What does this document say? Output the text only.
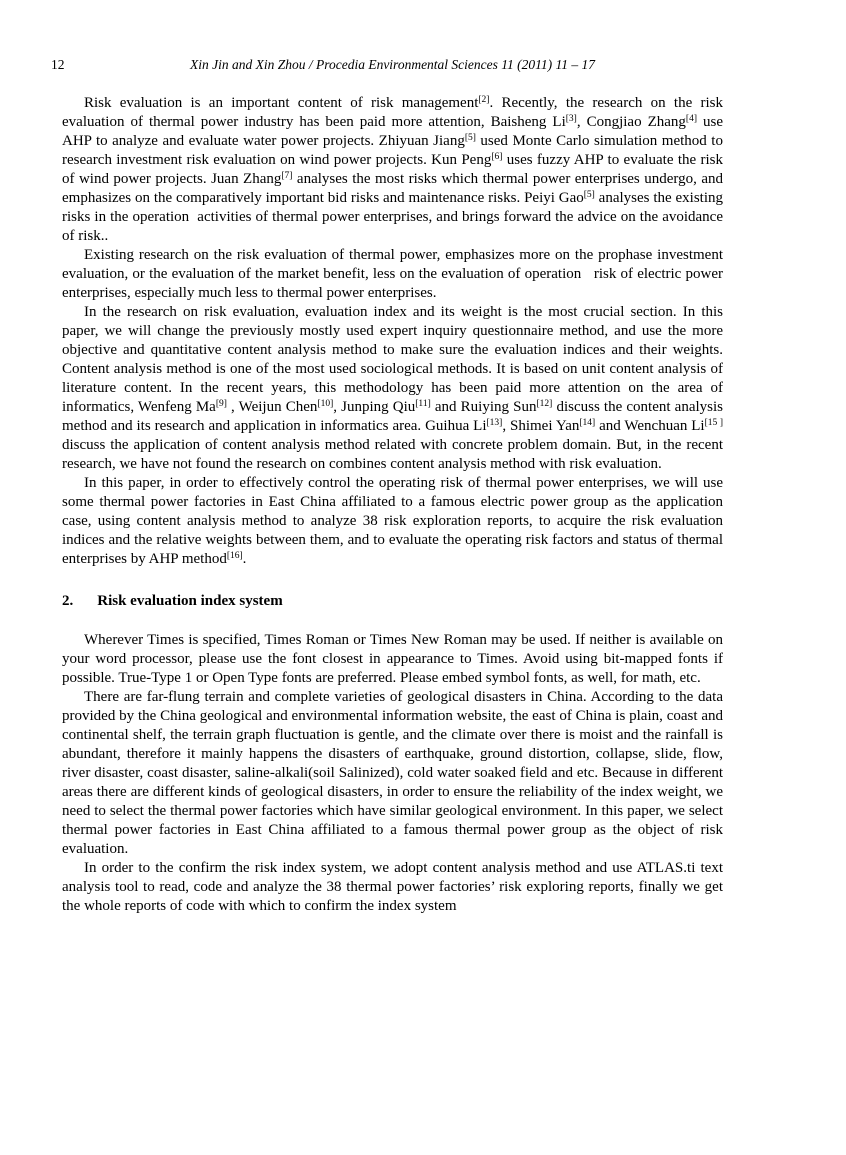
12	Xin Jin and Xin Zhou / Procedia Environmental Sciences 11 (2011) 11 – 17

Risk evaluation is an important content of risk management[2]. Recently, the research on the risk evaluation of thermal power industry has been paid more attention, Baisheng Li[3], Congjiao Zhang[4] use AHP to analyze and evaluate water power projects. Zhiyuan Jiang[5] used Monte Carlo simulation method to research investment risk evaluation on wind power projects. Kun Peng[6] uses fuzzy AHP to evaluate the risk of wind power projects. Juan Zhang[7] analyses the most risks which thermal power enterprises undergo, and emphasizes on the comparatively important bid risks and maintenance risks. Peiyi Gao[5] analyses the existing risks in the operation  activities of thermal power enterprises, and brings forward the advice on the avoidance of risk..

Existing research on the risk evaluation of thermal power, emphasizes more on the prophase investment evaluation, or the evaluation of the market benefit, less on the evaluation of operation   risk of electric power enterprises, especially much less to thermal power enterprises.

In the research on risk evaluation, evaluation index and its weight is the most crucial section. In this paper, we will change the previously mostly used expert inquiry questionnaire method, and use the more objective and quantitative content analysis method to make sure the evaluation indices and their weights. Content analysis method is one of the most used sociological methods. It is based on unit content analysis of literature content. In the recent years, this methodology has been paid more attention on the area of informatics, Wenfeng Ma[9] , Weijun Chen[10], Junping Qiu[11] and Ruiying Sun[12] discuss the content analysis method and its research and application in informatics area. Guihua Li[13], Shimei Yan[14] and Wenchuan Li[15 ] discuss the application of content analysis method related with concrete problem domain. But, in the recent research, we have not found the research on combines content analysis method with risk evaluation.

In this paper, in order to effectively control the operating risk of thermal power enterprises, we will use some thermal power factories in East China affiliated to a famous electric power group as the application case, using content analysis method to analyze 38 risk exploration reports, to acquire the risk evaluation indices and the relative weights between them, and to evaluate the operating risk factors and status of thermal enterprises by AHP method[16].

2. Risk evaluation index system

Wherever Times is specified, Times Roman or Times New Roman may be used. If neither is available on your word processor, please use the font closest in appearance to Times. Avoid using bit-mapped fonts if possible. True-Type 1 or Open Type fonts are preferred. Please embed symbol fonts, as well, for math, etc.

There are far-flung terrain and complete varieties of geological disasters in China. According to the data provided by the China geological and environmental information website, the east of China is plain, coast and continental shelf, the terrain graph fluctuation is gentle, and the climate over there is moist and the rainfall is abundant, therefore it mainly happens the disasters of earthquake, ground distortion, collapse, slide, flow, river disaster, coast disaster, saline-alkali(soil Salinized), cold water soaked field and etc. Because in different areas there are different kinds of geological disasters, in order to ensure the reliability of the index weight, we need to select the thermal power factories which have similar geological environment. In this paper, we select thermal power factories in East China affiliated to a famous thermal power group as the object of risk evaluation.

In order to the confirm the risk index system, we adopt content analysis method and use ATLAS.ti text analysis tool to read, code and analyze the 38 thermal power factories’ risk exploring reports, finally we get the whole reports of code with which to confirm the index system
